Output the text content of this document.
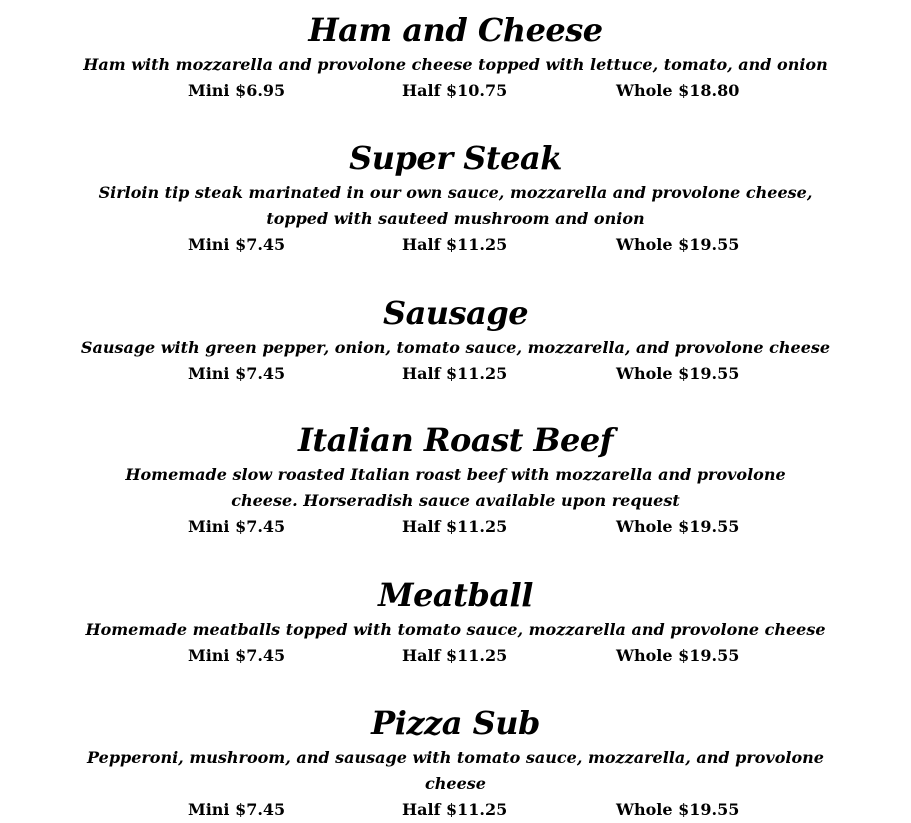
Ham and Cheese
Ham with mozzarella and provolone cheese topped with lettuce, tomato, and onion
Mini $6.95	Half $10.75	Whole $18.80
Super Steak
Sirloin tip steak marinated in our own sauce, mozzarella and provolone cheese, topped with sauteed mushroom and onion
Mini $7.45	Half $11.25	Whole $19.55
Sausage
Sausage with green pepper, onion, tomato sauce, mozzarella, and provolone cheese
Mini $7.45	Half $11.25	Whole $19.55
Italian Roast Beef
Homemade slow roasted Italian roast beef with mozzarella and provolone cheese. Horseradish sauce available upon request
Mini $7.45	Half $11.25	Whole $19.55
Meatball
Homemade meatballs topped with tomato sauce, mozzarella and provolone cheese
Mini $7.45	Half $11.25	Whole $19.55
Pizza Sub
Pepperoni, mushroom, and sausage with tomato sauce, mozzarella, and provolone cheese
Mini $7.45	Half $11.25	Whole $19.55
